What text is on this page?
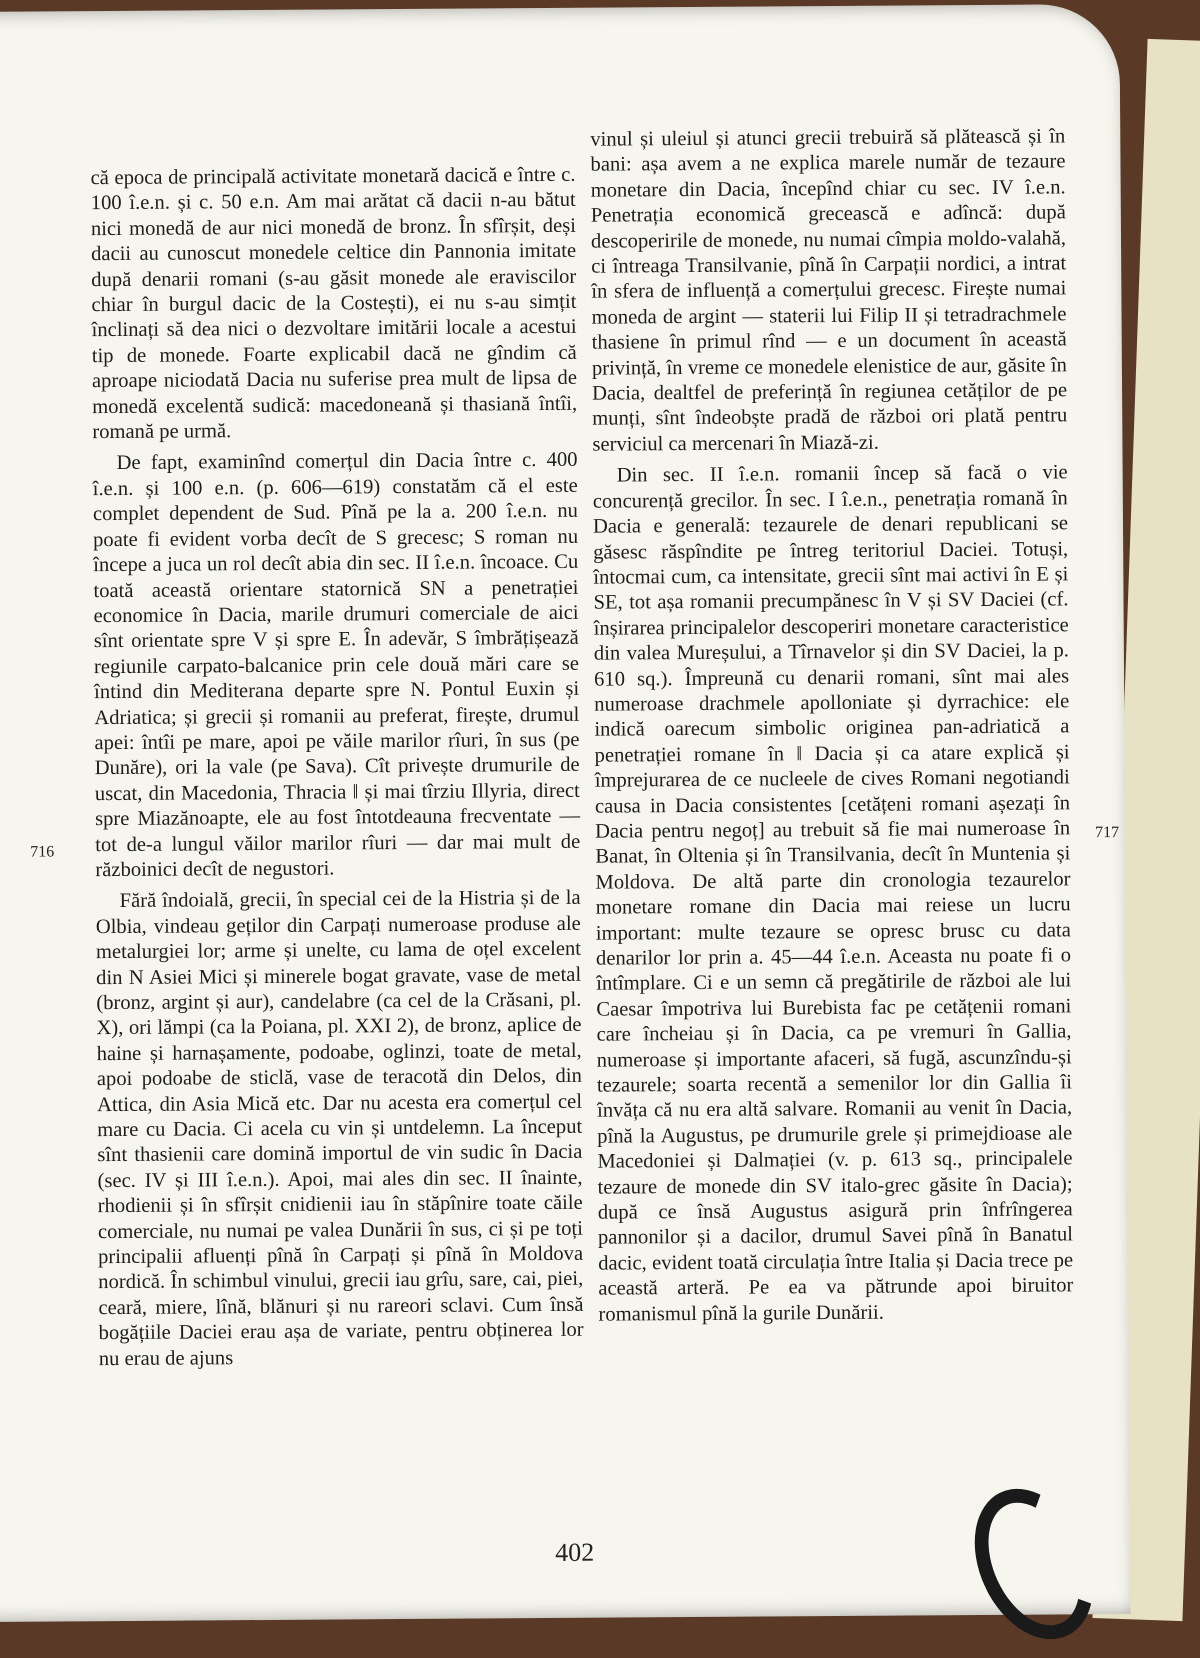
că epoca de principală activitate monetară dacică e între c. 100 î.e.n. și c. 50 e.n. Am mai arătat că dacii n-au bătut nici monedă de aur nici monedă de bronz. În sfîrșit, deși dacii au cunoscut monedele celtice din Pannonia imitate după denarii romani (s-au găsit monede ale eraviscilor chiar în burgul dacic de la Costești), ei nu s-au simțit înclinați să dea nici o dezvoltare imitării locale a acestui tip de monede. Foarte explicabil dacă ne gîndim că aproape niciodată Dacia nu suferise prea mult de lipsa de monedă excelentă sudică: macedoneană și thasiană întîi, romană pe urmă.

De fapt, examinînd comerțul din Dacia între c. 400 î.e.n. și 100 e.n. (p. 606—619) constatăm că el este complet dependent de Sud. Pînă pe la a. 200 î.e.n. nu poate fi evident vorba decît de S grecesc; S roman nu începe a juca un rol decît abia din sec. II î.e.n. încoace. Cu toată această orientare statornică SN a penetrației economice în Dacia, marile drumuri comerciale de aici sînt orientate spre V și spre E. În adevăr, S îmbrățișează regiunile carpato-balcanice prin cele două mări care se întind din Mediterana departe spre N. Pontul Euxin și Adriatica; și grecii și romanii au preferat, firește, drumul apei: întîi pe mare, apoi pe văile marilor rîuri, în sus (pe Dunăre), ori la vale (pe Sava). Cît privește drumurile de uscat, din Macedonia, Thracia ‖ și mai tîrziu Illyria, direct spre Miazănoapte, ele au fost întotdeauna frecventate — tot de-a lungul văilor marilor rîuri — dar mai mult de războinici decît de negustori.

Fără îndoială, grecii, în special cei de la Histria și de la Olbia, vindeau geților din Carpați numeroase produse ale metalurgiei lor; arme și unelte, cu lama de oțel excelent din N Asiei Mici și minerele bogat gravate, vase de metal (bronz, argint și aur), candelabre (ca cel de la Crăsani, pl. X), ori lămpi (ca la Poiana, pl. XXI 2), de bronz, aplice de haine și harnașamente, podoabe, oglinzi, toate de metal, apoi podoabe de sticlă, vase de teracotă din Delos, din Attica, din Asia Mică etc. Dar nu acesta era comerțul cel mare cu Dacia. Ci acela cu vin și untdelemn. La început sînt thasienii care domină importul de vin sudic în Dacia (sec. IV și III î.e.n.). Apoi, mai ales din sec. II înainte, rhodienii și în sfîrșit cnidienii iau în stăpînire toate căile comerciale, nu numai pe valea Dunării în sus, ci și pe toți principalii afluenți pînă în Carpați și pînă în Moldova nordică. În schimbul vinului, grecii iau grîu, sare, cai, piei, ceară, miere, lînă, blănuri și nu rareori sclavi. Cum însă bogățiile Daciei erau așa de variate, pentru obținerea lor nu erau de ajuns

vinul și uleiul și atunci grecii trebuiră să plătească și în bani: așa avem a ne explica marele număr de tezaure monetare din Dacia, începînd chiar cu sec. IV î.e.n. Penetrația economică grecească e adîncă: după descoperirile de monede, nu numai cîmpia moldo-valahă, ci întreaga Transilvanie, pînă în Carpații nordici, a intrat în sfera de influență a comerțului grecesc. Firește numai moneda de argint — staterii lui Filip II și tetradrachmele thasiene în primul rînd — e un document în această privință, în vreme ce monedele elenistice de aur, găsite în Dacia, dealtfel de preferință în regiunea cetăților de pe munți, sînt îndeobște pradă de război ori plată pentru serviciul ca mercenari în Miază-zi.

Din sec. II î.e.n. romanii încep să facă o vie concurență grecilor. În sec. I î.e.n., penetrația romană în Dacia e generală: tezaurele de denari republicani se găsesc răspîndite pe întreg teritoriul Daciei. Totuși, întocmai cum, ca intensitate, grecii sînt mai activi în E și SE, tot așa romanii precumpănesc în V și SV Daciei (cf. înșirarea principalelor descoperiri monetare caracteristice din valea Mureșului, a Tîrnavelor și din SV Daciei, la p. 610 sq.). Împreună cu denarii romani, sînt mai ales numeroase drachmele apolloniate și dyrrachice: ele indică oarecum simbolic originea pan-adriatică a penetrației romane în ‖ Dacia și ca atare explică și împrejurarea de ce nucleele de cives Romani negotiandi causa in Dacia consistentes [cetățeni romani așezați în Dacia pentru negoț] au trebuit să fie mai numeroase în Banat, în Oltenia și în Transilvania, decît în Muntenia și Moldova. De altă parte din cronologia tezaurelor monetare romane din Dacia mai reiese un lucru important: multe tezaure se opresc brusc cu data denarilor lor prin a. 45—44 î.e.n. Aceasta nu poate fi o întîmplare. Ci e un semn că pregătirile de război ale lui Caesar împotriva lui Burebista fac pe cetățenii romani care încheiau și în Dacia, ca pe vremuri în Gallia, numeroase și importante afaceri, să fugă, ascunzîndu-și tezaurele; soarta recentă a semenilor lor din Gallia îi învăța că nu era altă salvare. Romanii au venit în Dacia, pînă la Augustus, pe drumurile grele și primejdioase ale Macedoniei și Dalmației (v. p. 613 sq., principalele tezaure de monede din SV italo-grec găsite în Dacia); după ce însă Augustus asigură prin înfrîngerea pannonilor și a dacilor, drumul Savei pînă în Banatul dacic, evident toată circulația între Italia și Dacia trece pe această arteră. Pe ea va pătrunde apoi biruitor romanismul pînă la gurile Dunării.

716
717
402
